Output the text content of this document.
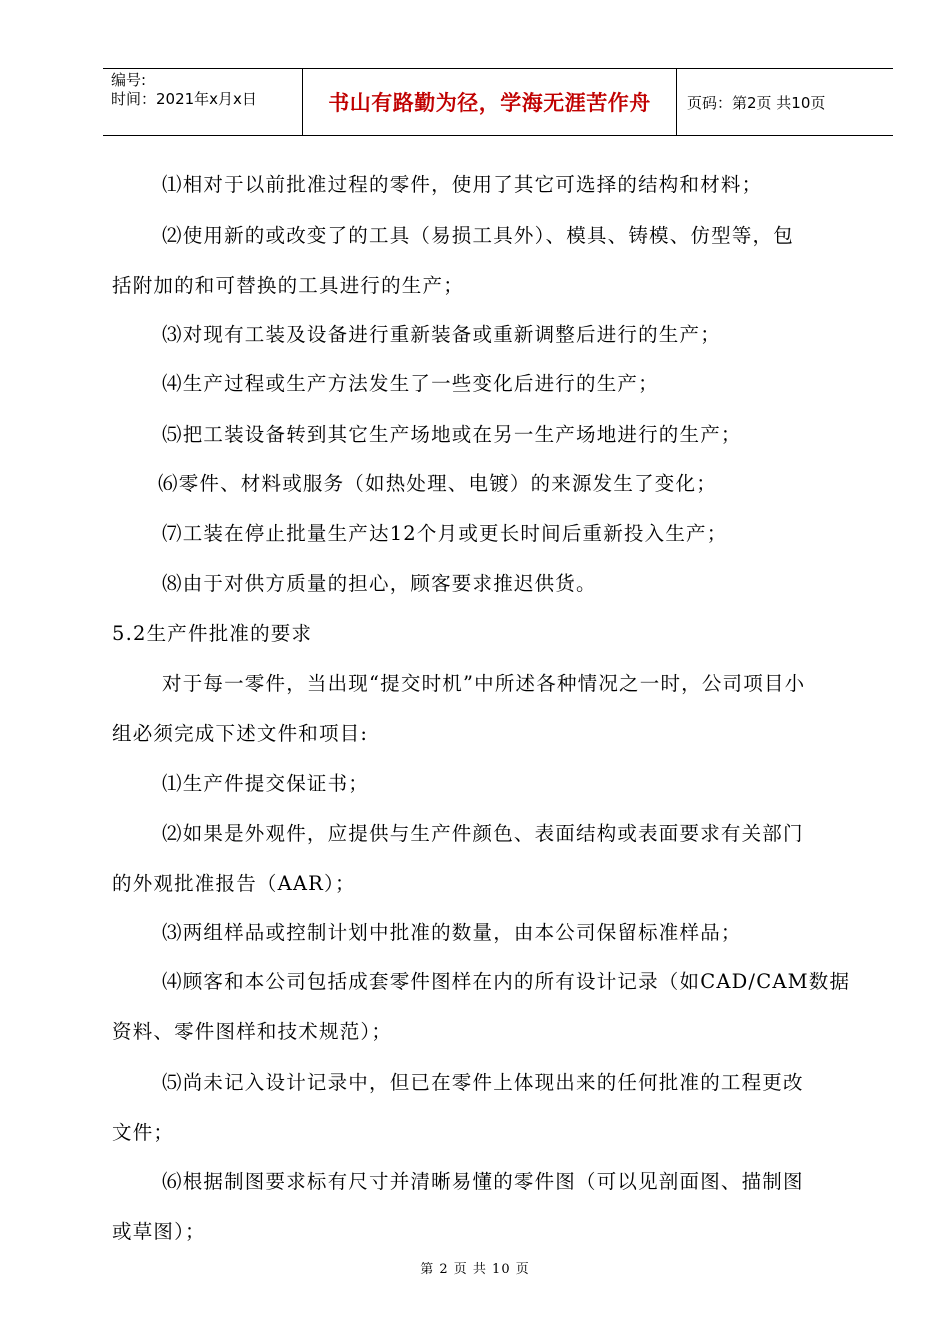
编号:
时间：2021年x月x日	书山有路勤为径，学海无涯苦作舟 页码：第2页 共10页
⑴相对于以前批准过程的零件，使用了其它可选择的结构和材料；
⑵使用新的或改变了的工具（易损工具外）、模具、铸模、仿型等，包
括附加的和可替换的工具进行的生产；
⑶对现有工装及设备进行重新装备或重新调整后进行的生产；
⑷生产过程或生产方法发生了一些变化后进行的生产；
⑸把工装设备转到其它生产场地或在另一生产场地进行的生产；
⑹零件、材料或服务（如热处理、电镀）的来源发生了变化；
⑺工装在停止批量生产达12个月或更长时间后重新投入生产；
⑻由于对供方质量的担心，顾客要求推迟供货。
5.2生产件批准的要求
对于每一零件，当出现“提交时机”中所述各种情况之一时，公司项目小
组必须完成下述文件和项目:
⑴生产件提交保证书；
⑵如果是外观件，应提供与生产件颜色、表面结构或表面要求有关部门
的外观批准报告（AAR）；
⑶两组样品或控制计划中批准的数量，由本公司保留标准样品；
⑷顾客和本公司包括成套零件图样在内的所有设计记录（如CAD/CAM数据
资料、零件图样和技术规范）；
⑸尚未记入设计记录中，但已在零件上体现出来的任何批准的工程更改
文件；
⑹根据制图要求标有尺寸并清晰易懂的零件图（可以见剖面图、描制图
或草图）；
第 2 页 共 10 页
